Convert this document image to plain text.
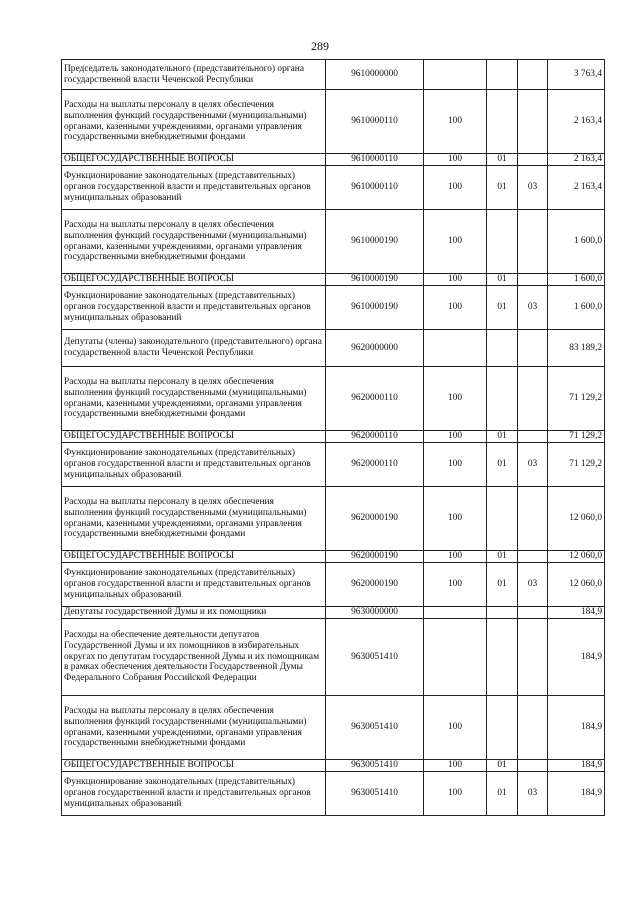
289
Председатель законодательного (представительного) органа государственной власти Чеченской Республики	9610000000				3 763,4
Расходы на выплаты персоналу в целях обеспечения выполнения функций государственными (муниципальными) органами, казенными учреждениями, органами управления государственными внебюджетными фондами	9610000110	100			2 163,4
ОБЩЕГОСУДАРСТВЕННЫЕ ВОПРОСЫ	9610000110	100	01		2 163,4
Функционирование законодательных (представительных) органов государственной власти и представительных органов муниципальных образований	9610000110	100	01	03	2 163,4
Расходы на выплаты персоналу в целях обеспечения выполнения функций государственными (муниципальными) органами, казенными учреждениями, органами управления государственными внебюджетными фондами	9610000190	100			1 600,0
ОБЩЕГОСУДАРСТВЕННЫЕ ВОПРОСЫ	9610000190	100	01		1 600,0
Функционирование законодательных (представительных) органов государственной власти и представительных органов муниципальных образований	9610000190	100	01	03	1 600,0
Депутаты (члены) законодательного (представительного) органа государственной власти Чеченской Республики	9620000000				83 189,2
Расходы на выплаты персоналу в целях обеспечения выполнения функций государственными (муниципальными) органами, казенными учреждениями, органами управления государственными внебюджетными фондами	9620000110	100			71 129,2
ОБЩЕГОСУДАРСТВЕННЫЕ ВОПРОСЫ	9620000110	100	01		71 129,2
Функционирование законодательных (представительных) органов государственной власти и представительных органов муниципальных образований	9620000110	100	01	03	71 129,2
Расходы на выплаты персоналу в целях обеспечения выполнения функций государственными (муниципальными) органами, казенными учреждениями, органами управления государственными внебюджетными фондами	9620000190	100			12 060,0
ОБЩЕГОСУДАРСТВЕННЫЕ ВОПРОСЫ	9620000190	100	01		12 060,0
Функционирование законодательных (представительных) органов государственной власти и представительных органов муниципальных образований	9620000190	100	01	03	12 060,0
Депутаты государственной Думы и их помощники	9630000000				184,9
Расходы на обеспечение деятельности депутатов Государственной Думы и их помощников в избирательных округах по депутатам государственной Думы и их помощникам в рамках обеспечения деятельности Государственной Думы Федерального Собрания Российской Федерации	9630051410				184,9
Расходы на выплаты персоналу в целях обеспечения выполнения функций государственными (муниципальными) органами, казенными учреждениями, органами управления государственными внебюджетными фондами	9630051410	100			184,9
ОБЩЕГОСУДАРСТВЕННЫЕ ВОПРОСЫ	9630051410	100	01		184,9
Функционирование законодательных (представительных) органов государственной власти и представительных органов муниципальных образований	9630051410	100	01	03	184,9
